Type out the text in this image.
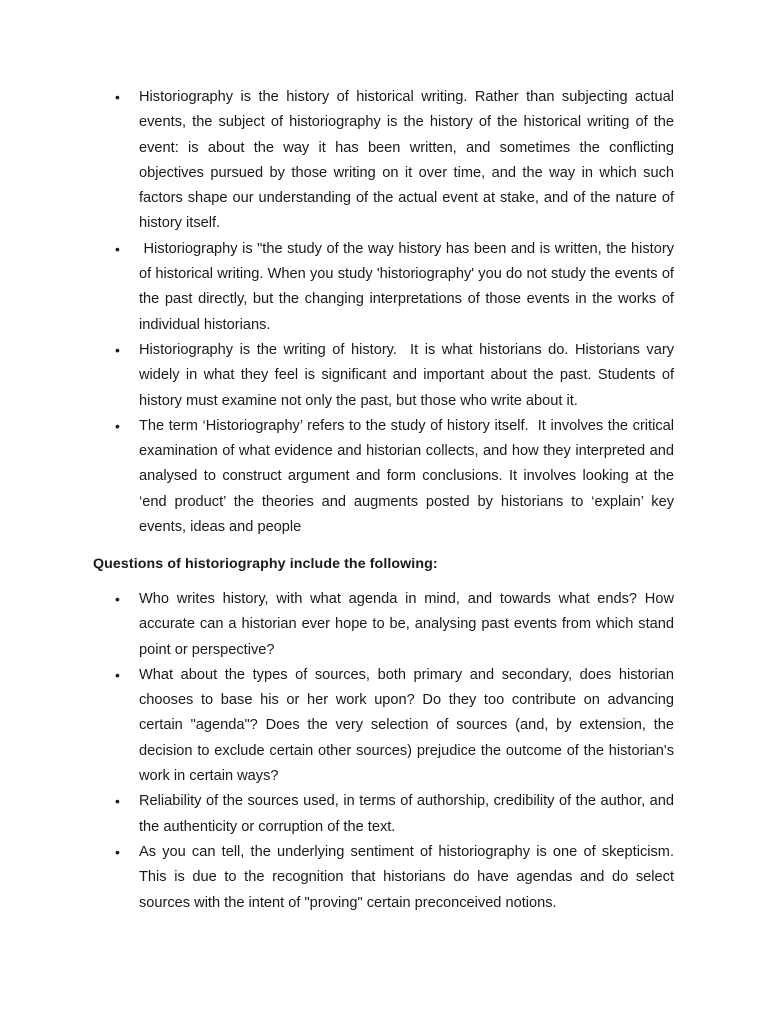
• Historiography is the history of historical writing. Rather than subjecting actual events, the subject of historiography is the history of the historical writing of the event: is about the way it has been written, and sometimes the conflicting objectives pursued by those writing on it over time, and the way in which such factors shape our understanding of the actual event at stake, and of the nature of history itself.
• Historiography is "the study of the way history has been and is written, the history of historical writing. When you study 'historiography' you do not study the events of the past directly, but the changing interpretations of those events in the works of individual historians.
• Historiography is the writing of history.  It is what historians do. Historians vary widely in what they feel is significant and important about the past. Students of history must examine not only the past, but those who write about it.
• The term ‘Historiography’ refers to the study of history itself.  It involves the critical examination of what evidence and historian collects, and how they interpreted and analysed to construct argument and form conclusions. It involves looking at the ‘end product’ the theories and augments posted by historians to ‘explain’ key events, ideas and people

Questions of historiography include the following:

• Who writes history, with what agenda in mind, and towards what ends? How accurate can a historian ever hope to be, analysing past events from which stand point or perspective?
• What about the types of sources, both primary and secondary, does historian chooses to base his or her work upon? Do they too contribute on advancing certain "agenda"? Does the very selection of sources (and, by extension, the decision to exclude certain other sources) prejudice the outcome of the historian's work in certain ways?
• Reliability of the sources used, in terms of authorship, credibility of the author, and the authenticity or corruption of the text.
• As you can tell, the underlying sentiment of historiography is one of skepticism. This is due to the recognition that historians do have agendas and do select sources with the intent of "proving" certain preconceived notions.
